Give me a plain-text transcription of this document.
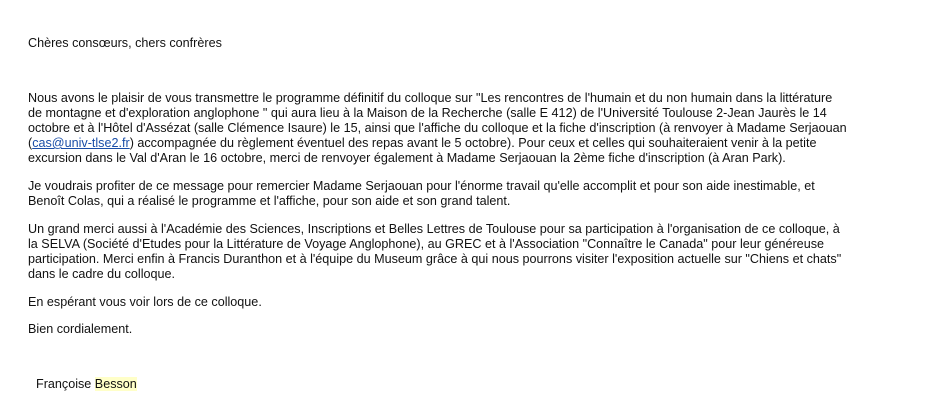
Chères consœurs, chers confrères
Nous avons le plaisir de vous transmettre le programme définitif du colloque sur "Les rencontres de l'humain et du non humain dans la littérature
de montagne et d'exploration anglophone " qui aura lieu à la Maison de la Recherche (salle E 412) de l'Université Toulouse 2-Jean Jaurès le 14
octobre et à l'Hôtel d'Assézat (salle Clémence Isaure) le 15, ainsi que l'affiche du colloque et la fiche d'inscription (à renvoyer à Madame Serjaouan
(cas@univ-tlse2.fr) accompagnée du règlement éventuel des repas avant le 5 octobre). Pour ceux et celles qui souhaiteraient venir à la petite
excursion dans le Val d'Aran le 16 octobre, merci de renvoyer également à Madame Serjaouan la 2ème fiche d'inscription (à Aran Park).
Je voudrais profiter de ce message pour remercier Madame Serjaouan pour l'énorme travail qu'elle accomplit et pour son aide inestimable, et
Benoît Colas, qui a réalisé le programme et l'affiche, pour son aide et son grand talent.
Un grand merci aussi à l'Académie des Sciences, Inscriptions et Belles Lettres de Toulouse pour sa participation à l'organisation de ce colloque, à
la SELVA (Société d'Etudes pour la Littérature de Voyage Anglophone), au GREC et à l'Association "Connaître le Canada" pour leur généreuse
participation. Merci enfin à Francis Duranthon et à l'équipe du Museum grâce à qui nous pourrons visiter l'exposition actuelle sur "Chiens et chats"
dans le cadre du colloque.
En espérant vous voir lors de ce colloque.
Bien cordialement.
Françoise Besson
